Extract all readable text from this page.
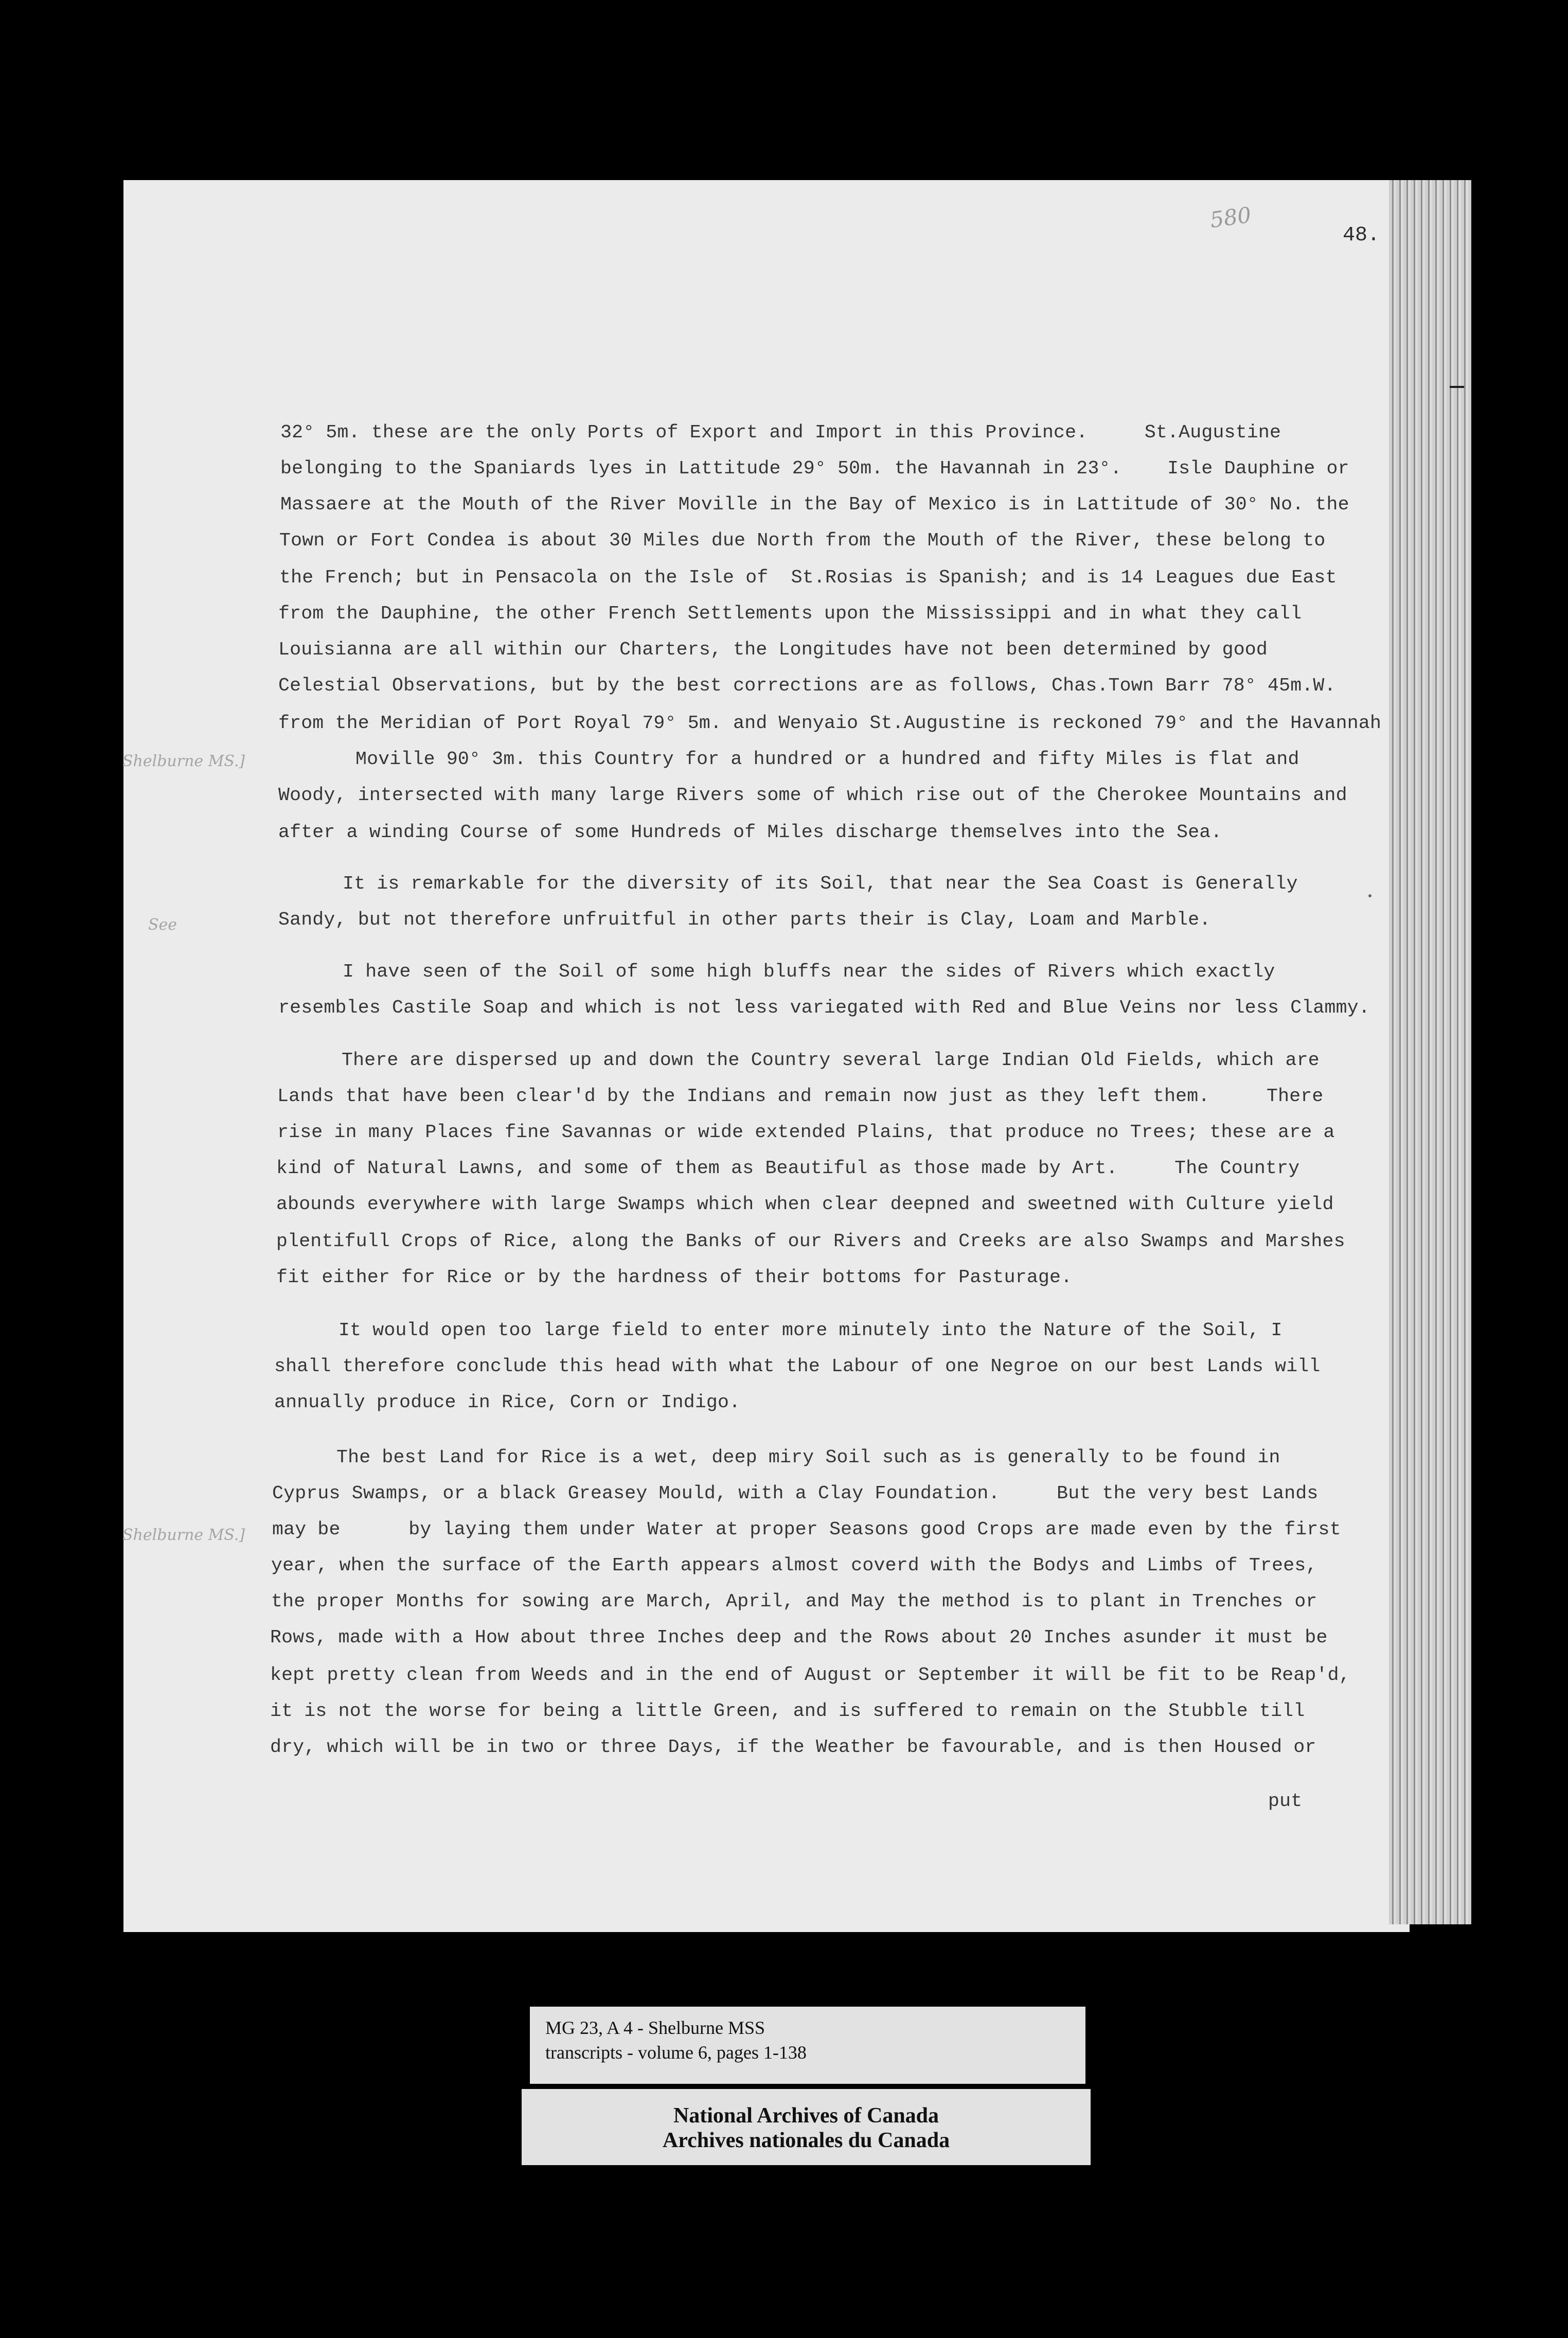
48.
580
Shelburne MS.]
See
Shelburne MS.]
32° 5m. these are the only Ports of Export and Import in this Province.     St.Augustine
belonging to the Spaniards lyes in Lattitude 29° 50m. the Havannah in 23°.    Isle Dauphine or
Massaere at the Mouth of the River Moville in the Bay of Mexico is in Lattitude of 30° No. the
Town or Fort Condea is about 30 Miles due North from the Mouth of the River, these belong to
the French; but in Pensacola on the Isle of  St.Rosias is Spanish; and is 14 Leagues due East
from the Dauphine, the other French Settlements upon the Mississippi and in what they call
Louisianna are all within our Charters, the Longitudes have not been determined by good
Celestial Observations, but by the best corrections are as follows, Chas.Town Barr 78° 45m.W.
from the Meridian of Port Royal 79° 5m. and Wenyaio St.Augustine is reckoned 79° and the Havannah
Moville 90° 3m. this Country for a hundred or a hundred and fifty Miles is flat and
Woody, intersected with many large Rivers some of which rise out of the Cherokee Mountains and
after a winding Course of some Hundreds of Miles discharge themselves into the Sea.
It is remarkable for the diversity of its Soil, that near the Sea Coast is Generally
Sandy, but not therefore unfruitful in other parts their is Clay, Loam and Marble.
I have seen of the Soil of some high bluffs near the sides of Rivers which exactly
resembles Castile Soap and which is not less variegated with Red and Blue Veins nor less Clammy.
There are dispersed up and down the Country several large Indian Old Fields, which are
Lands that have been clear'd by the Indians and remain now just as they left them.     There
rise in many Places fine Savannas or wide extended Plains, that produce no Trees; these are a
kind of Natural Lawns, and some of them as Beautiful as those made by Art.     The Country
abounds everywhere with large Swamps which when clear deepned and sweetned with Culture yield
plentifull Crops of Rice, along the Banks of our Rivers and Creeks are also Swamps and Marshes
fit either for Rice or by the hardness of their bottoms for Pasturage.
It would open too large field to enter more minutely into the Nature of the Soil, I
shall therefore conclude this head with what the Labour of one Negroe on our best Lands will
annually produce in Rice, Corn or Indigo.
The best Land for Rice is a wet, deep miry Soil such as is generally to be found in
Cyprus Swamps, or a black Greasey Mould, with a Clay Foundation.     But the very best Lands
may be      by laying them under Water at proper Seasons good Crops are made even by the first
year, when the surface of the Earth appears almost coverd with the Bodys and Limbs of Trees,
the proper Months for sowing are March, April, and May the method is to plant in Trenches or
Rows, made with a How about three Inches deep and the Rows about 20 Inches asunder it must be
kept pretty clean from Weeds and in the end of August or September it will be fit to be Reap'd,
it is not the worse for being a little Green, and is suffered to remain on the Stubble till
dry, which will be in two or three Days, if the Weather be favourable, and is then Housed or
put
MG 23, A 4 - Shelburne MSS
transcripts - volume 6, pages 1-138
National Archives of Canada
Archives nationales du Canada
